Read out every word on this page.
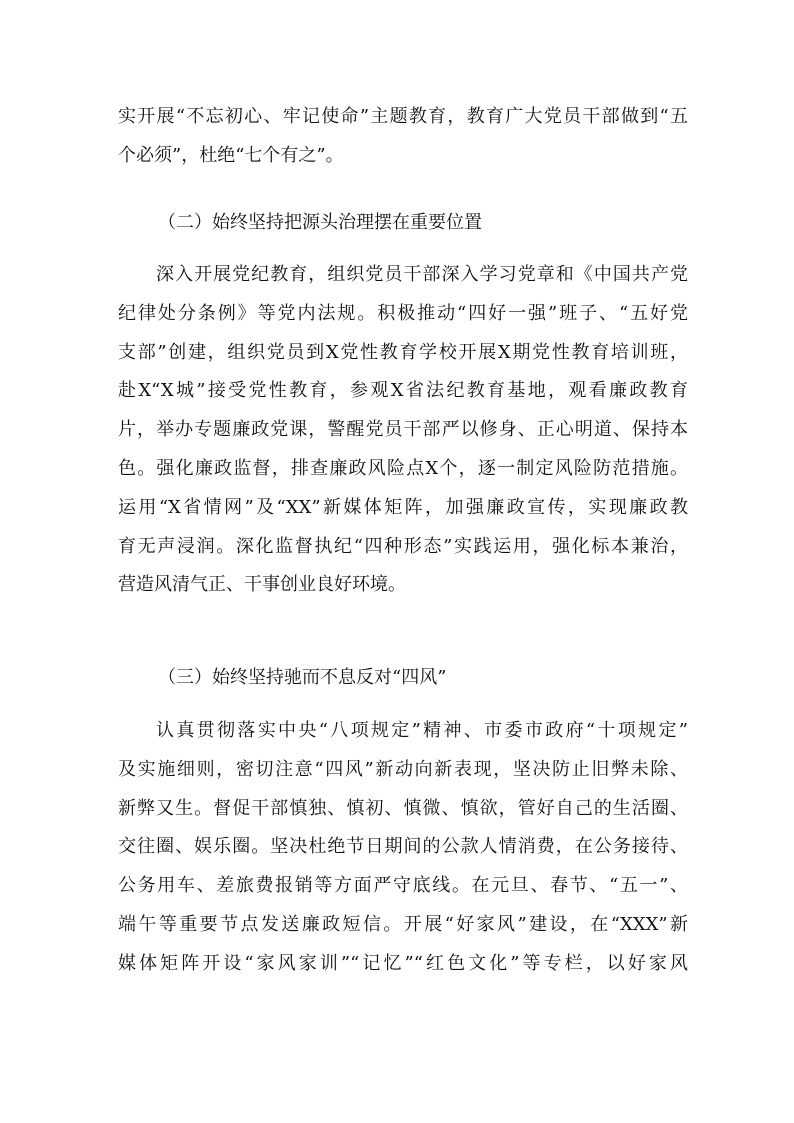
实开展“不忘初心、牢记使命”主题教育，教育广大党员干部做到“五
个必须”，杜绝“七个有之”。
（二）始终坚持把源头治理摆在重要位置
深入开展党纪教育，组织党员干部深入学习党章和《中国共产党
纪律处分条例》等党内法规。积极推动“四好一强”班子、“五好党
支部”创建，组织党员到X党性教育学校开展X期党性教育培训班，
赴X“X城”接受党性教育，参观X省法纪教育基地，观看廉政教育
片，举办专题廉政党课，警醒党员干部严以修身、正心明道、保持本
色。强化廉政监督，排查廉政风险点X个，逐一制定风险防范措施。
运用“X省情网”及“XX”新媒体矩阵，加强廉政宣传，实现廉政教
育无声浸润。深化监督执纪“四种形态”实践运用，强化标本兼治，
营造风清气正、干事创业良好环境。
（三）始终坚持驰而不息反对“四风”
认真贯彻落实中央“八项规定”精神、市委市政府“十项规定”
及实施细则，密切注意“四风”新动向新表现，坚决防止旧弊未除、
新弊又生。督促干部慎独、慎初、慎微、慎欲，管好自己的生活圈、
交往圈、娱乐圈。坚决杜绝节日期间的公款人情消费，在公务接待、
公务用车、差旅费报销等方面严守底线。在元旦、春节、“五一”、
端午等重要节点发送廉政短信。开展“好家风”建设，在“XXX”新
媒体矩阵开设“家风家训”“记忆”“红色文化”等专栏，以好家风
